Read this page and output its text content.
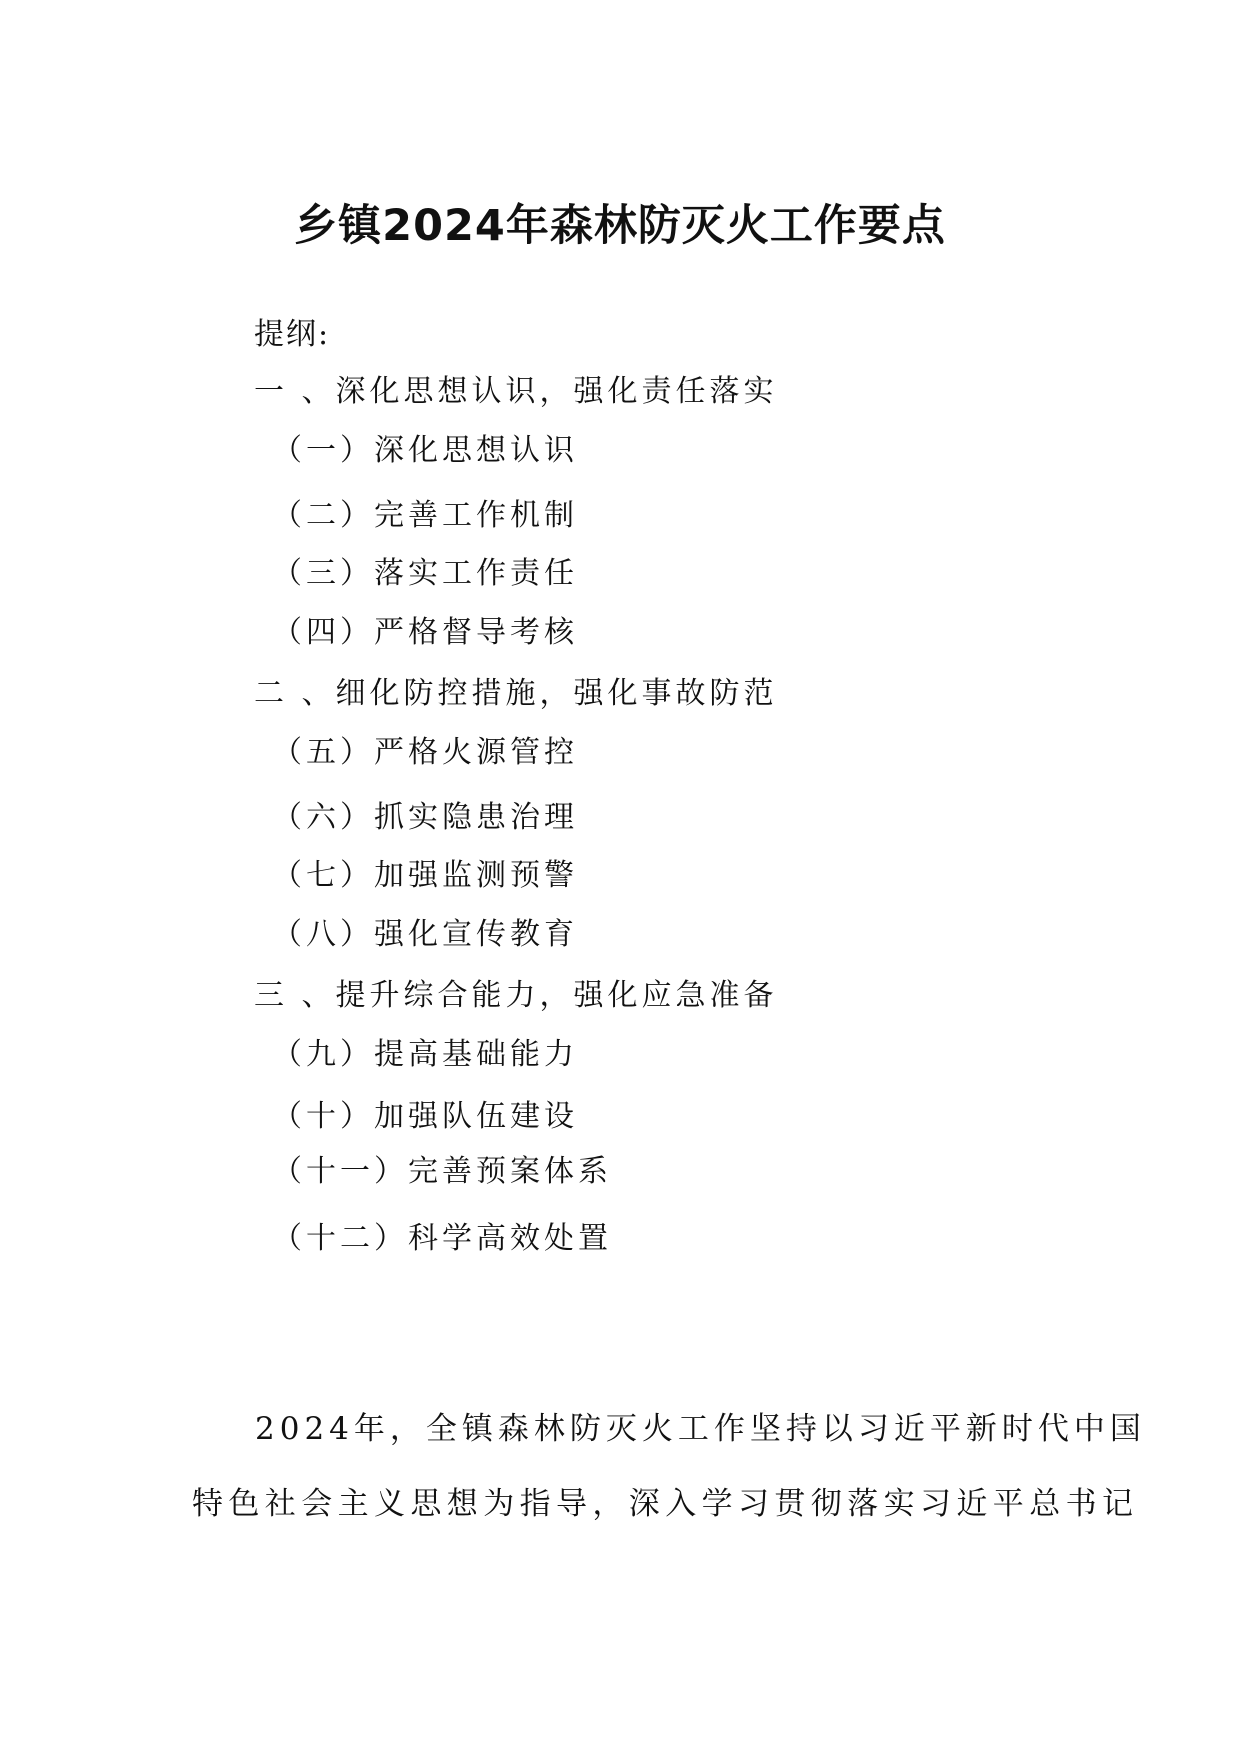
乡镇2024年森林防灭火工作要点
提纲:
一 、深化思想认识，强化责任落实
（一）深化思想认识
（二）完善工作机制
（三）落实工作责任
（四）严格督导考核
二 、细化防控措施，强化事故防范
（五）严格火源管控
（六）抓实隐患治理
（七）加强监测预警
（八）强化宣传教育
三 、提升综合能力，强化应急准备
（九）提高基础能力
（十）加强队伍建设
（十一）完善预案体系
（十二）科学高效处置
2024年，全镇森林防灭火工作坚持以习近平新时代中国
特色社会主义思想为指导，深入学习贯彻落实习近平总书记
